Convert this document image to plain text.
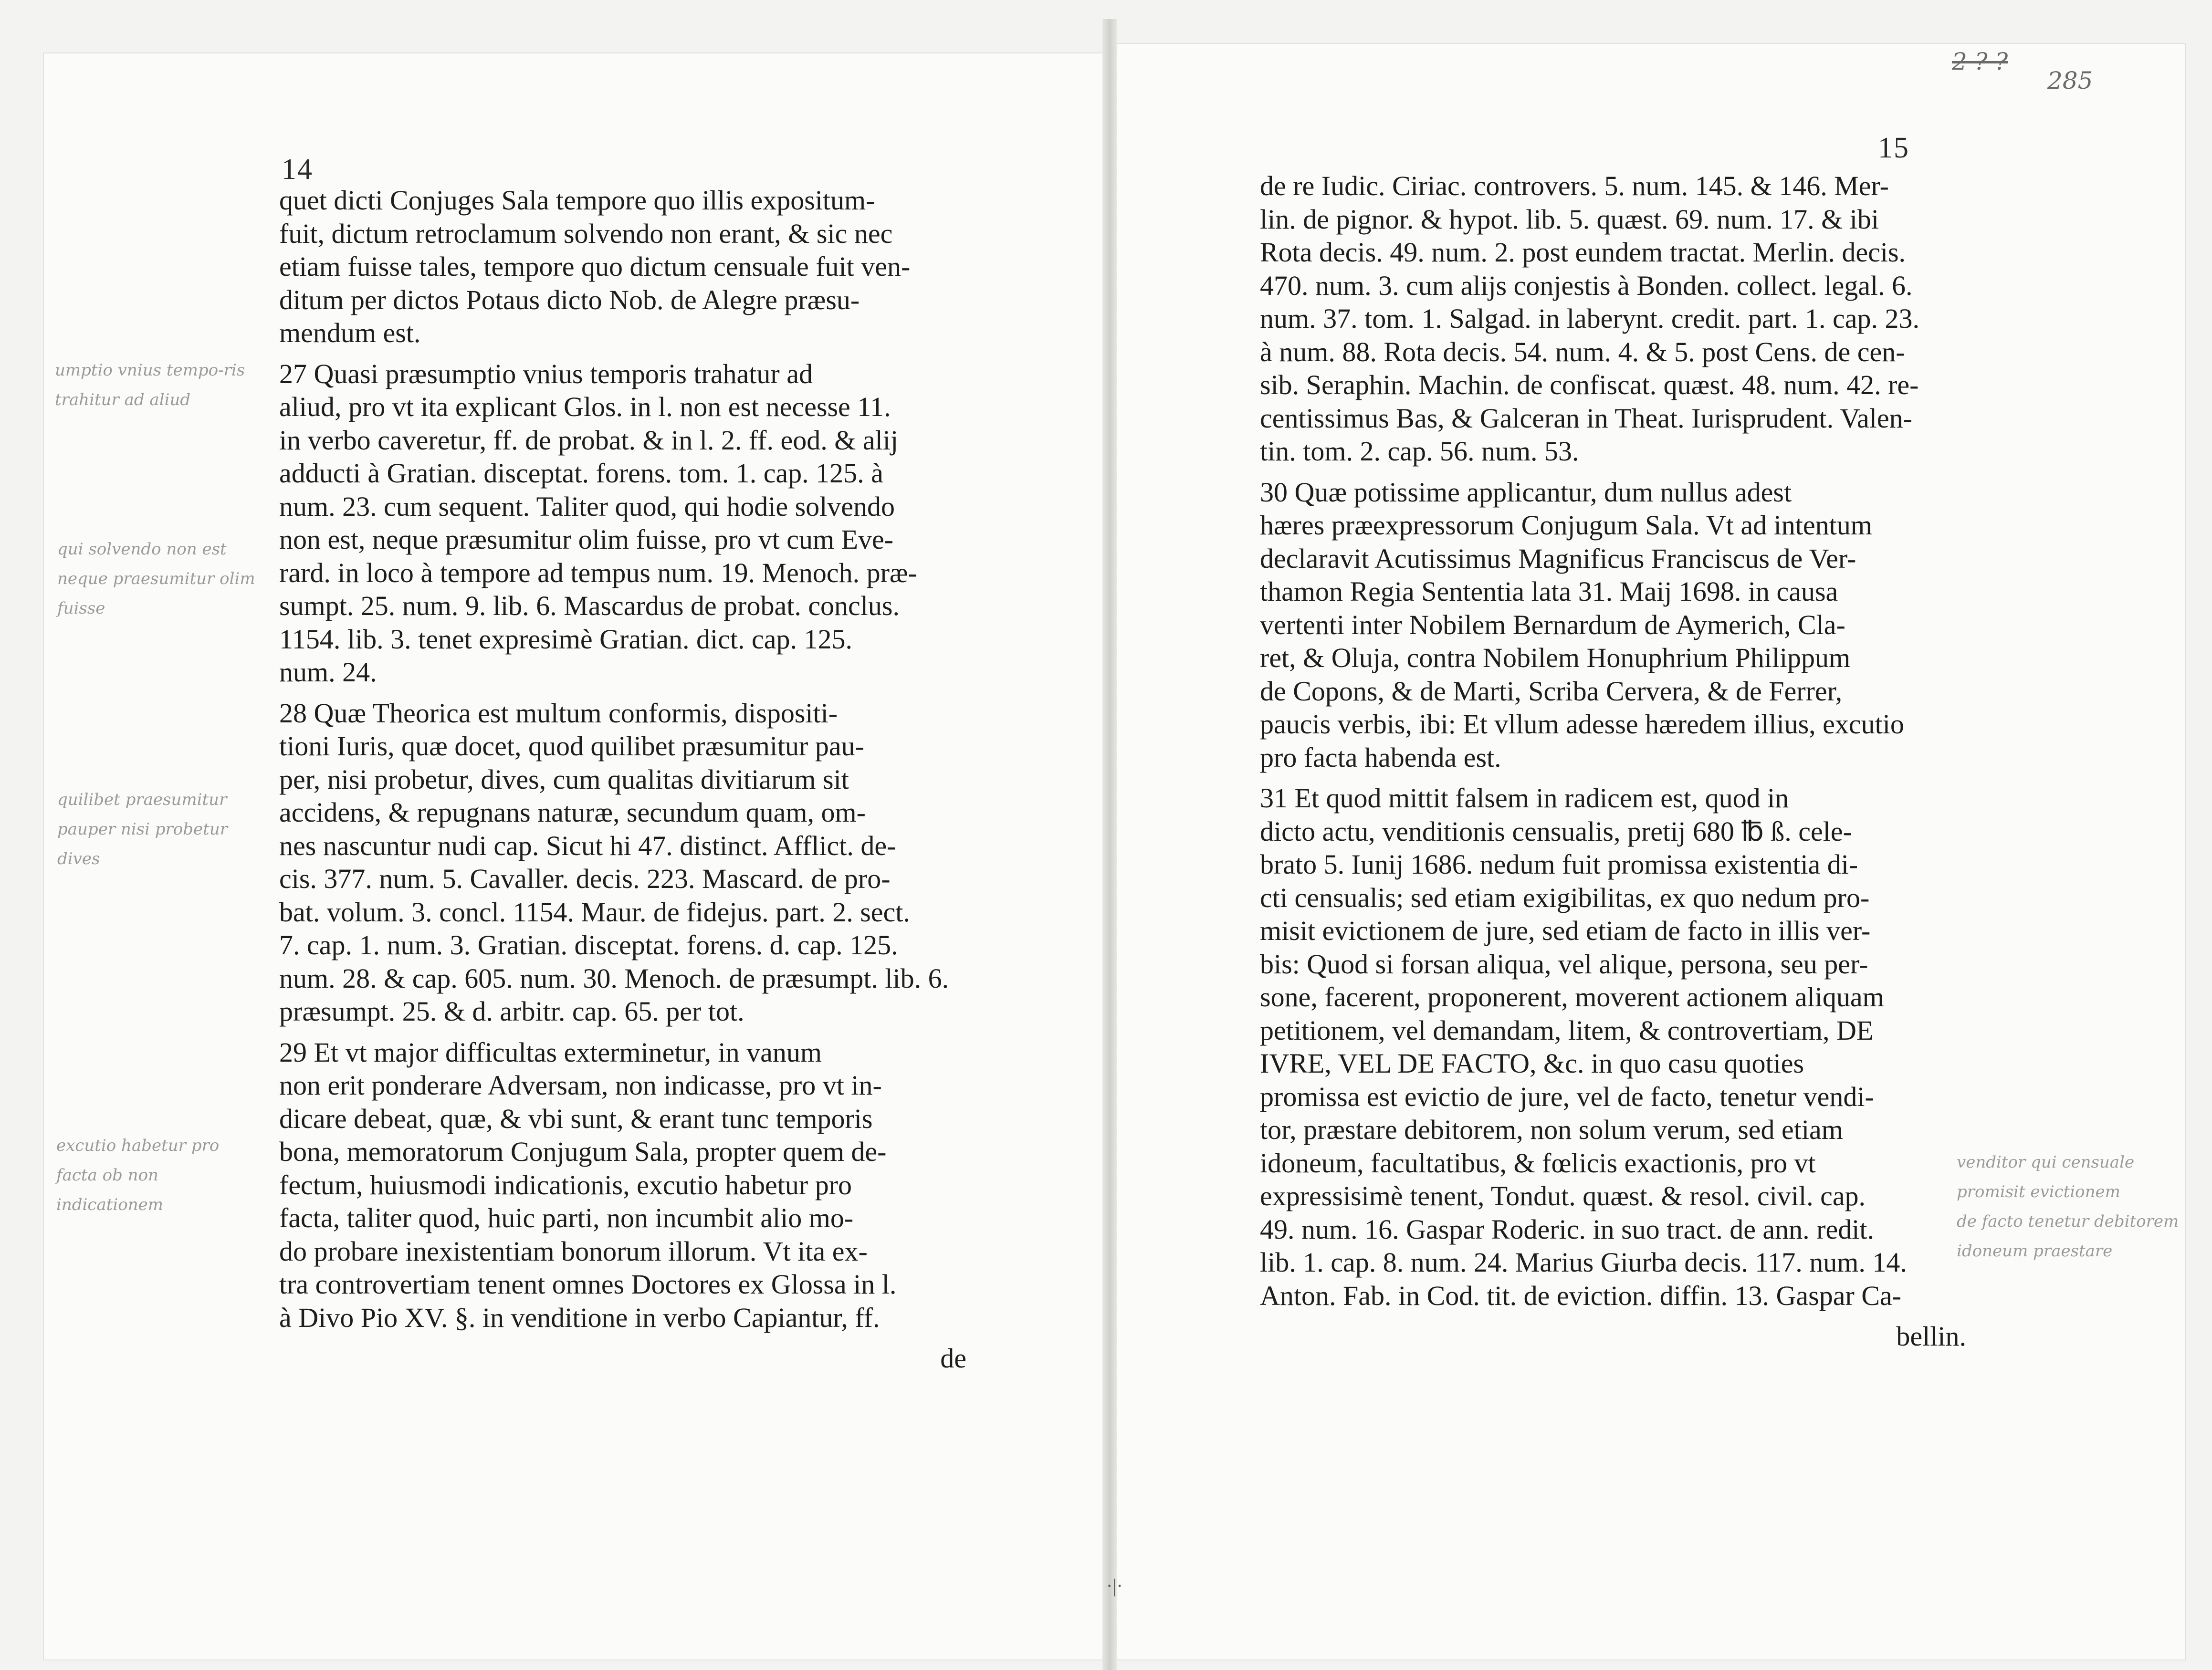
2 ? ?
285
14
15

quet dicti Conjuges Sala tempore quo illis expositum-
fuit, dictum retroclamum solvendo non erant, & sic nec
etiam fuisse tales, tempore quo dictum censuale fuit ven-
ditum per dictos Potaus dicto Nob. de Alegre præsu-
mendum est.

27 Quasi præsumptio vnius temporis trahatur ad
aliud, pro vt ita explicant Glos. in l. non est necesse 11.
in verbo caveretur, ff. de probat. & in l. 2. ff. eod. & alij
adducti à Gratian. disceptat. forens. tom. 1. cap. 125. à
num. 23. cum sequent. Taliter quod, qui hodie solvendo
non est, neque præsumitur olim fuisse, pro vt cum Eve-
rard. in loco à tempore ad tempus num. 19. Menoch. præ-
sumpt. 25. num. 9. lib. 6. Mascardus de probat. conclus.
1154. lib. 3. tenet expresimè Gratian. dict. cap. 125.
num. 24.

28 Quæ Theorica est multum conformis, dispositi-
tioni Iuris, quæ docet, quod quilibet præsumitur pau-
per, nisi probetur, dives, cum qualitas divitiarum sit
accidens, & repugnans naturæ, secundum quam, om-
nes nascuntur nudi cap. Sicut hi 47. distinct. Afflict. de-
cis. 377. num. 5. Cavaller. decis. 223. Mascard. de pro-
bat. volum. 3. concl. 1154. Maur. de fidejus. part. 2. sect.
7. cap. 1. num. 3. Gratian. disceptat. forens. d. cap. 125.
num. 28. & cap. 605. num. 30. Menoch. de præsumpt. lib. 6.
præsumpt. 25. & d. arbitr. cap. 65. per tot.

29 Et vt major difficultas exterminetur, in vanum
non erit ponderare Adversam, non indicasse, pro vt in-
dicare debeat, quæ, & vbi sunt, & erant tunc temporis
bona, memoratorum Conjugum Sala, propter quem de-
fectum, huiusmodi indicationis, excutio habetur pro
facta, taliter quod, huic parti, non incumbit alio mo-
do probare inexistentiam bonorum illorum. Vt ita ex-
tra controvertiam tenent omnes Doctores ex Glossa in l.
à Divo Pio XV. §. in venditione in verbo Capiantur, ff.

de

de re Iudic. Ciriac. controvers. 5. num. 145. & 146. Mer-
lin. de pignor. & hypot. lib. 5. quæst. 69. num. 17. & ibi
Rota decis. 49. num. 2. post eundem tractat. Merlin. decis.
470. num. 3. cum alijs conjestis à Bonden. collect. legal. 6.
num. 37. tom. 1. Salgad. in laberynt. credit. part. 1. cap. 23.
à num. 88. Rota decis. 54. num. 4. & 5. post Cens. de cen-
sib. Seraphin. Machin. de confiscat. quæst. 48. num. 42. re-
centissimus Bas, & Galceran in Theat. Iurisprudent. Valen-
tin. tom. 2. cap. 56. num. 53.

30 Quæ potissime applicantur, dum nullus adest
hæres præexpressorum Conjugum Sala. Vt ad intentum
declaravit Acutissimus Magnificus Franciscus de Ver-
thamon Regia Sententia lata 31. Maij 1698. in causa
vertenti inter Nobilem Bernardum de Aymerich, Cla-
ret, & Oluja, contra Nobilem Honuphrium Philippum
de Copons, & de Marti, Scriba Cervera, & de Ferrer,
paucis verbis, ibi: Et vllum adesse hæredem illius, excutio
pro facta habenda est.

31 Et quod mittit falsem in radicem est, quod in
dicto actu, venditionis censualis, pretij 680 ℔ ß. cele-
brato 5. Iunij 1686. nedum fuit promissa existentia di-
cti censualis; sed etiam exigibilitas, ex quo nedum pro-
misit evictionem de jure, sed etiam de facto in illis ver-
bis: Quod si forsan aliqua, vel alique, persona, seu per-
sone, facerent, proponerent, moverent actionem aliquam
petitionem, vel demandam, litem, & controvertiam, DE
IVRE, VEL DE FACTO, &c. in quo casu quoties
promissa est evictio de jure, vel de facto, tenetur vendi-
tor, præstare debitorem, non solum verum, sed etiam
idoneum, facultatibus, & fœlicis exactionis, pro vt
expressisimè tenent, Tondut. quæst. & resol. civil. cap.
49. num. 16. Gaspar Roderic. in suo tract. de ann. redit.
lib. 1. cap. 8. num. 24. Marius Giurba decis. 117. num. 14.
Anton. Fab. in Cod. tit. de eviction. diffin. 13. Gaspar Ca-

bellin.
umptio vnius tempo-ris
trahitur ad aliud
qui solvendo non est
neque praesumitur olim
fuisse
quilibet praesumitur
pauper nisi probetur dives
excutio habetur pro
facta ob non indicationem
venditor qui censuale
promisit evictionem
de facto tenetur debitorem
idoneum praestare
·|·
